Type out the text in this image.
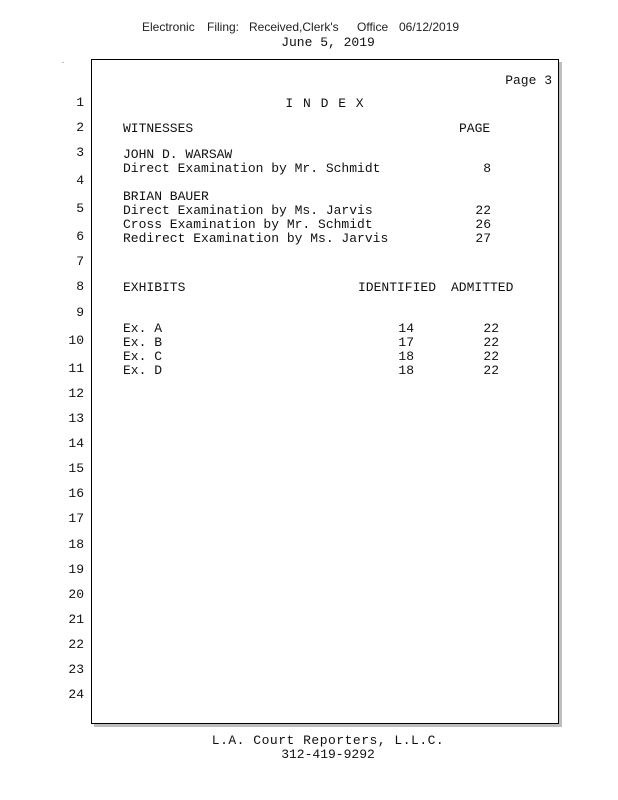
Electronic

Filing:

Received,Clerk's

Office

06/12/2019

June 5, 2019
.
Page 3
I N D E X
WITNESSES	PAGE
JOHN D. WARSAW
Direct Examination by Mr. Schmidt	8
BRIAN BAUER
Direct Examination by Ms. Jarvis	22
Cross Examination by Mr. Schmidt	26
Redirect Examination by Ms. Jarvis	27
EXHIBITS	IDENTIFIED ADMITTED
Ex. A	14	22
Ex. B	17	22
Ex. C	18	22
Ex. D	18	22
1
2
3
4
5
6
7
8
9
10
11
12
13
14
15
16
17
18
19
20
21
22
23
24
L.A. Court Reporters, L.L.C.
312-419-9292
